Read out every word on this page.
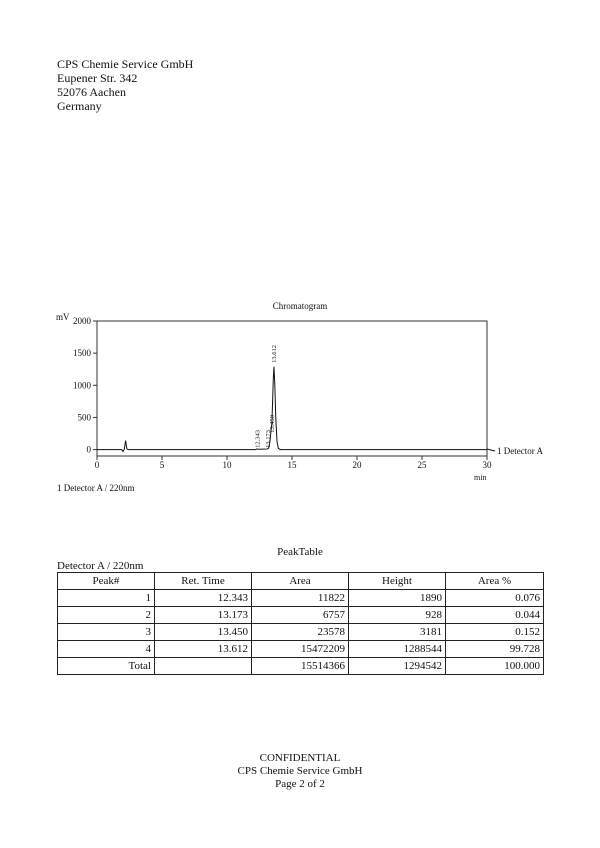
CPS Chemie Service GmbH
Eupener Str. 342
52076 Aachen
Germany
Chromatogram
mV
min
0
500
1000
1500
2000
0	5	10	15	20	25	30
12.343 13.173
13.450
13.612
1 Detector A
1 Detector A / 220nm
PeakTable
Detector A / 220nm
Peak#	Ret. Time	Area	Height	Area %
1	12.343	11822	1890	0.076
2	13.173	6757	928	0.044
3	13.450	23578	3181	0.152
4	13.612	15472209	1288544	99.728
Total		15514366	1294542	100.000
CONFIDENTIAL
CPS Chemie Service GmbH
Page 2 of 2
